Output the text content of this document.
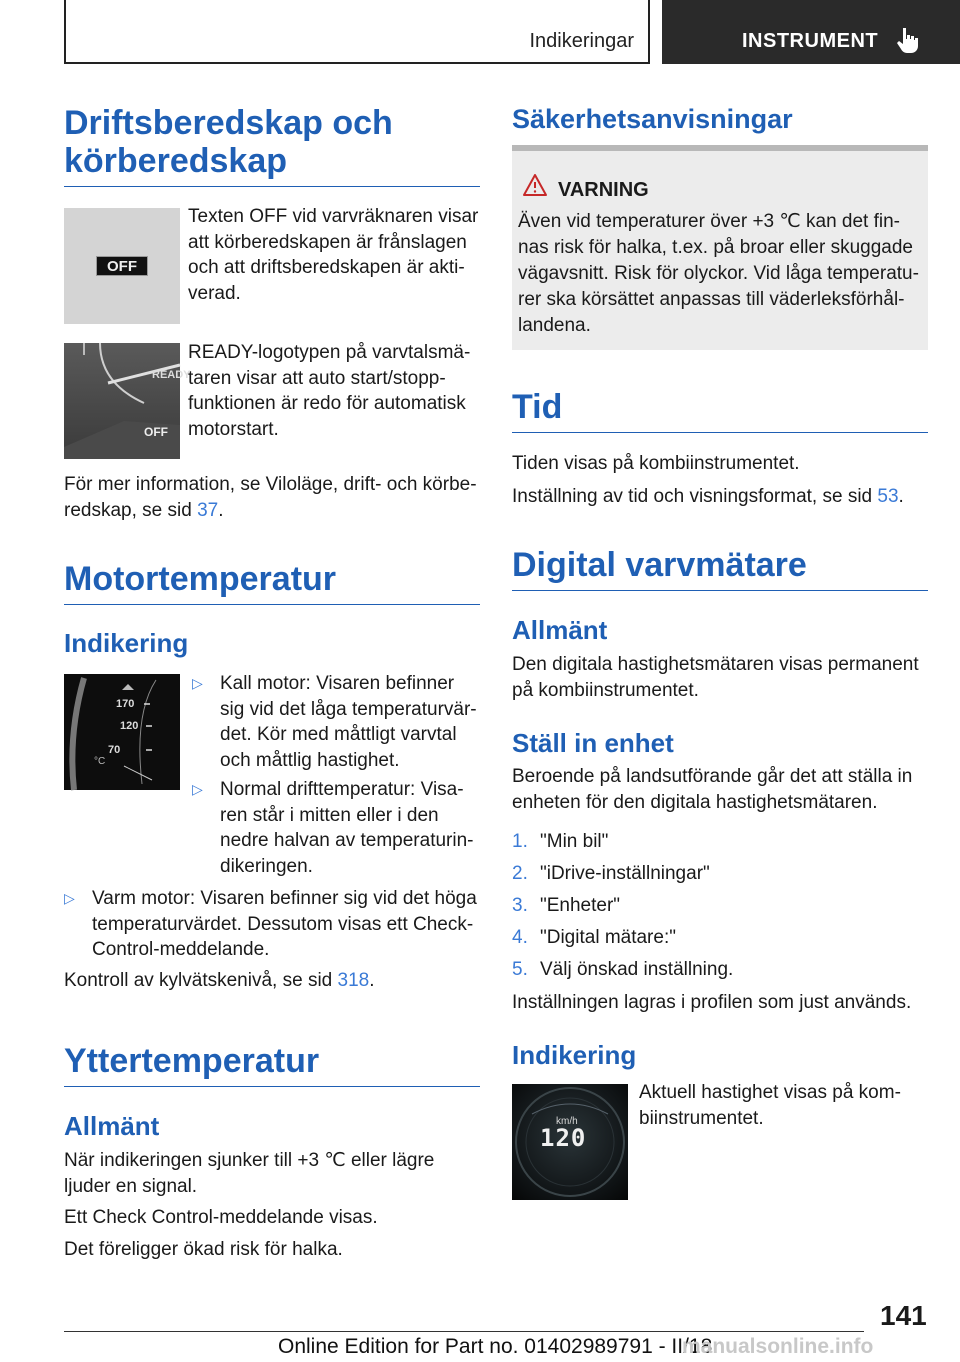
Indikeringar	INSTRUMENT
Driftsberedskap och körberedskap
OFF
Texten OFF vid varvräknaren visar att körberedskapen är frånslagen och att driftsberedskapen är akti-verad.
READY
OFF
READY-logotypen på varvtalsmä-taren visar att auto start/stopp-funktionen är redo för automatisk motorstart.
För mer information, se Viloläge, drift- och körbe-redskap, se sid 37.
Motortemperatur
Indikering
170
120
70
°C
▷ Kall motor: Visaren befinner sig vid det låga temperaturvär-det. Kör med måttligt varvtal och måttlig hastighet.
▷ Normal drifttemperatur: Visa-ren står i mitten eller i den nedre halvan av temperaturin-dikeringen.
▷ Varm motor: Visaren befinner sig vid det höga temperaturvärdet. Dessutom visas ett Check-Control-meddelande.
Kontroll av kylvätskenivå, se sid 318.
Yttertemperatur
Allmänt
När indikeringen sjunker till +3 ℃ eller lägre ljuder en signal.
Ett Check Control-meddelande visas.
Det föreligger ökad risk för halka.
Säkerhetsanvisningar
VARNING
Även vid temperaturer över +3 ℃ kan det fin-nas risk för halka, t.ex. på broar eller skuggade vägavsnitt. Risk för olyckor. Vid låga temperatu-rer ska körsättet anpassas till väderleksförhål-landena.
Tid
Tiden visas på kombiinstrumentet.
Inställning av tid och visningsformat, se sid 53.
Digital varvmätare
Allmänt
Den digitala hastighetsmätaren visas permanent på kombiinstrumentet.
Ställ in enhet
Beroende på landsutförande går det att ställa in enheten för den digitala hastighetsmätaren.
1. "Min bil"
2. "iDrive-inställningar"
3. "Enheter"
4. "Digital mätare:"
5. Välj önskad inställning.
Inställningen lagras i profilen som just används.
Indikering
km/h
120
Aktuell hastighet visas på kom-biinstrumentet.
141
Online Edition for Part no. 01402989791 - II/18
manualsonline.info
